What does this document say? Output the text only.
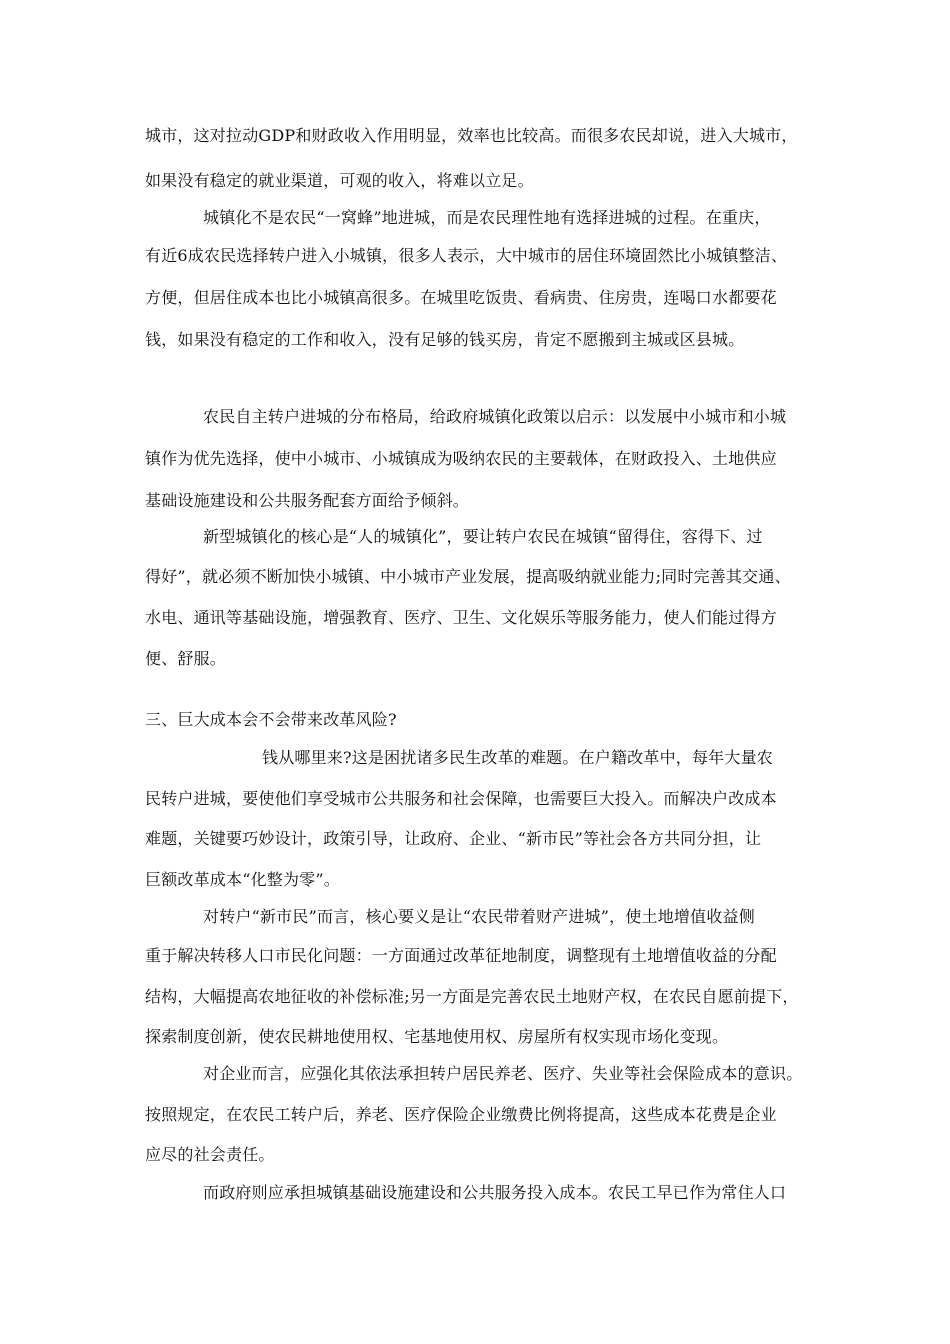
城市，这对拉动GDP和财政收入作用明显，效率也比较高。而很多农民却说，进入大城市，
如果没有稳定的就业渠道，可观的收入，将难以立足。
城镇化不是农民“一窝蜂”地进城，而是农民理性地有选择进城的过程。在重庆，
有近6成农民选择转户进入小城镇，很多人表示，大中城市的居住环境固然比小城镇整洁、
方便，但居住成本也比小城镇高很多。在城里吃饭贵、看病贵、住房贵，连喝口水都要花
钱，如果没有稳定的工作和收入，没有足够的钱买房，肯定不愿搬到主城或区县城。
农民自主转户进城的分布格局，给政府城镇化政策以启示：以发展中小城市和小城
镇作为优先选择，使中小城市、小城镇成为吸纳农民的主要载体，在财政投入、土地供应
基础设施建设和公共服务配套方面给予倾斜。
新型城镇化的核心是“人的城镇化”，要让转户农民在城镇“留得住，容得下、过
得好”，就必须不断加快小城镇、中小城市产业发展，提高吸纳就业能力;同时完善其交通、
水电、通讯等基础设施，增强教育、医疗、卫生、文化娱乐等服务能力，使人们能过得方
便、舒服。
三、巨大成本会不会带来改革风险?
钱从哪里来?这是困扰诸多民生改革的难题。在户籍改革中，每年大量农
民转户进城，要使他们享受城市公共服务和社会保障，也需要巨大投入。而解决户改成本
难题，关键要巧妙设计，政策引导，让政府、企业、“新市民”等社会各方共同分担，让
巨额改革成本“化整为零”。
对转户“新市民”而言，核心要义是让“农民带着财产进城”，使土地增值收益侧
重于解决转移人口市民化问题：一方面通过改革征地制度，调整现有土地增值收益的分配
结构，大幅提高农地征收的补偿标准;另一方面是完善农民土地财产权，在农民自愿前提下，
探索制度创新，使农民耕地使用权、宅基地使用权、房屋所有权实现市场化变现。
对企业而言，应强化其依法承担转户居民养老、医疗、失业等社会保险成本的意识。
按照规定，在农民工转户后，养老、医疗保险企业缴费比例将提高，这些成本花费是企业
应尽的社会责任。
而政府则应承担城镇基础设施建设和公共服务投入成本。农民工早已作为常住人口
